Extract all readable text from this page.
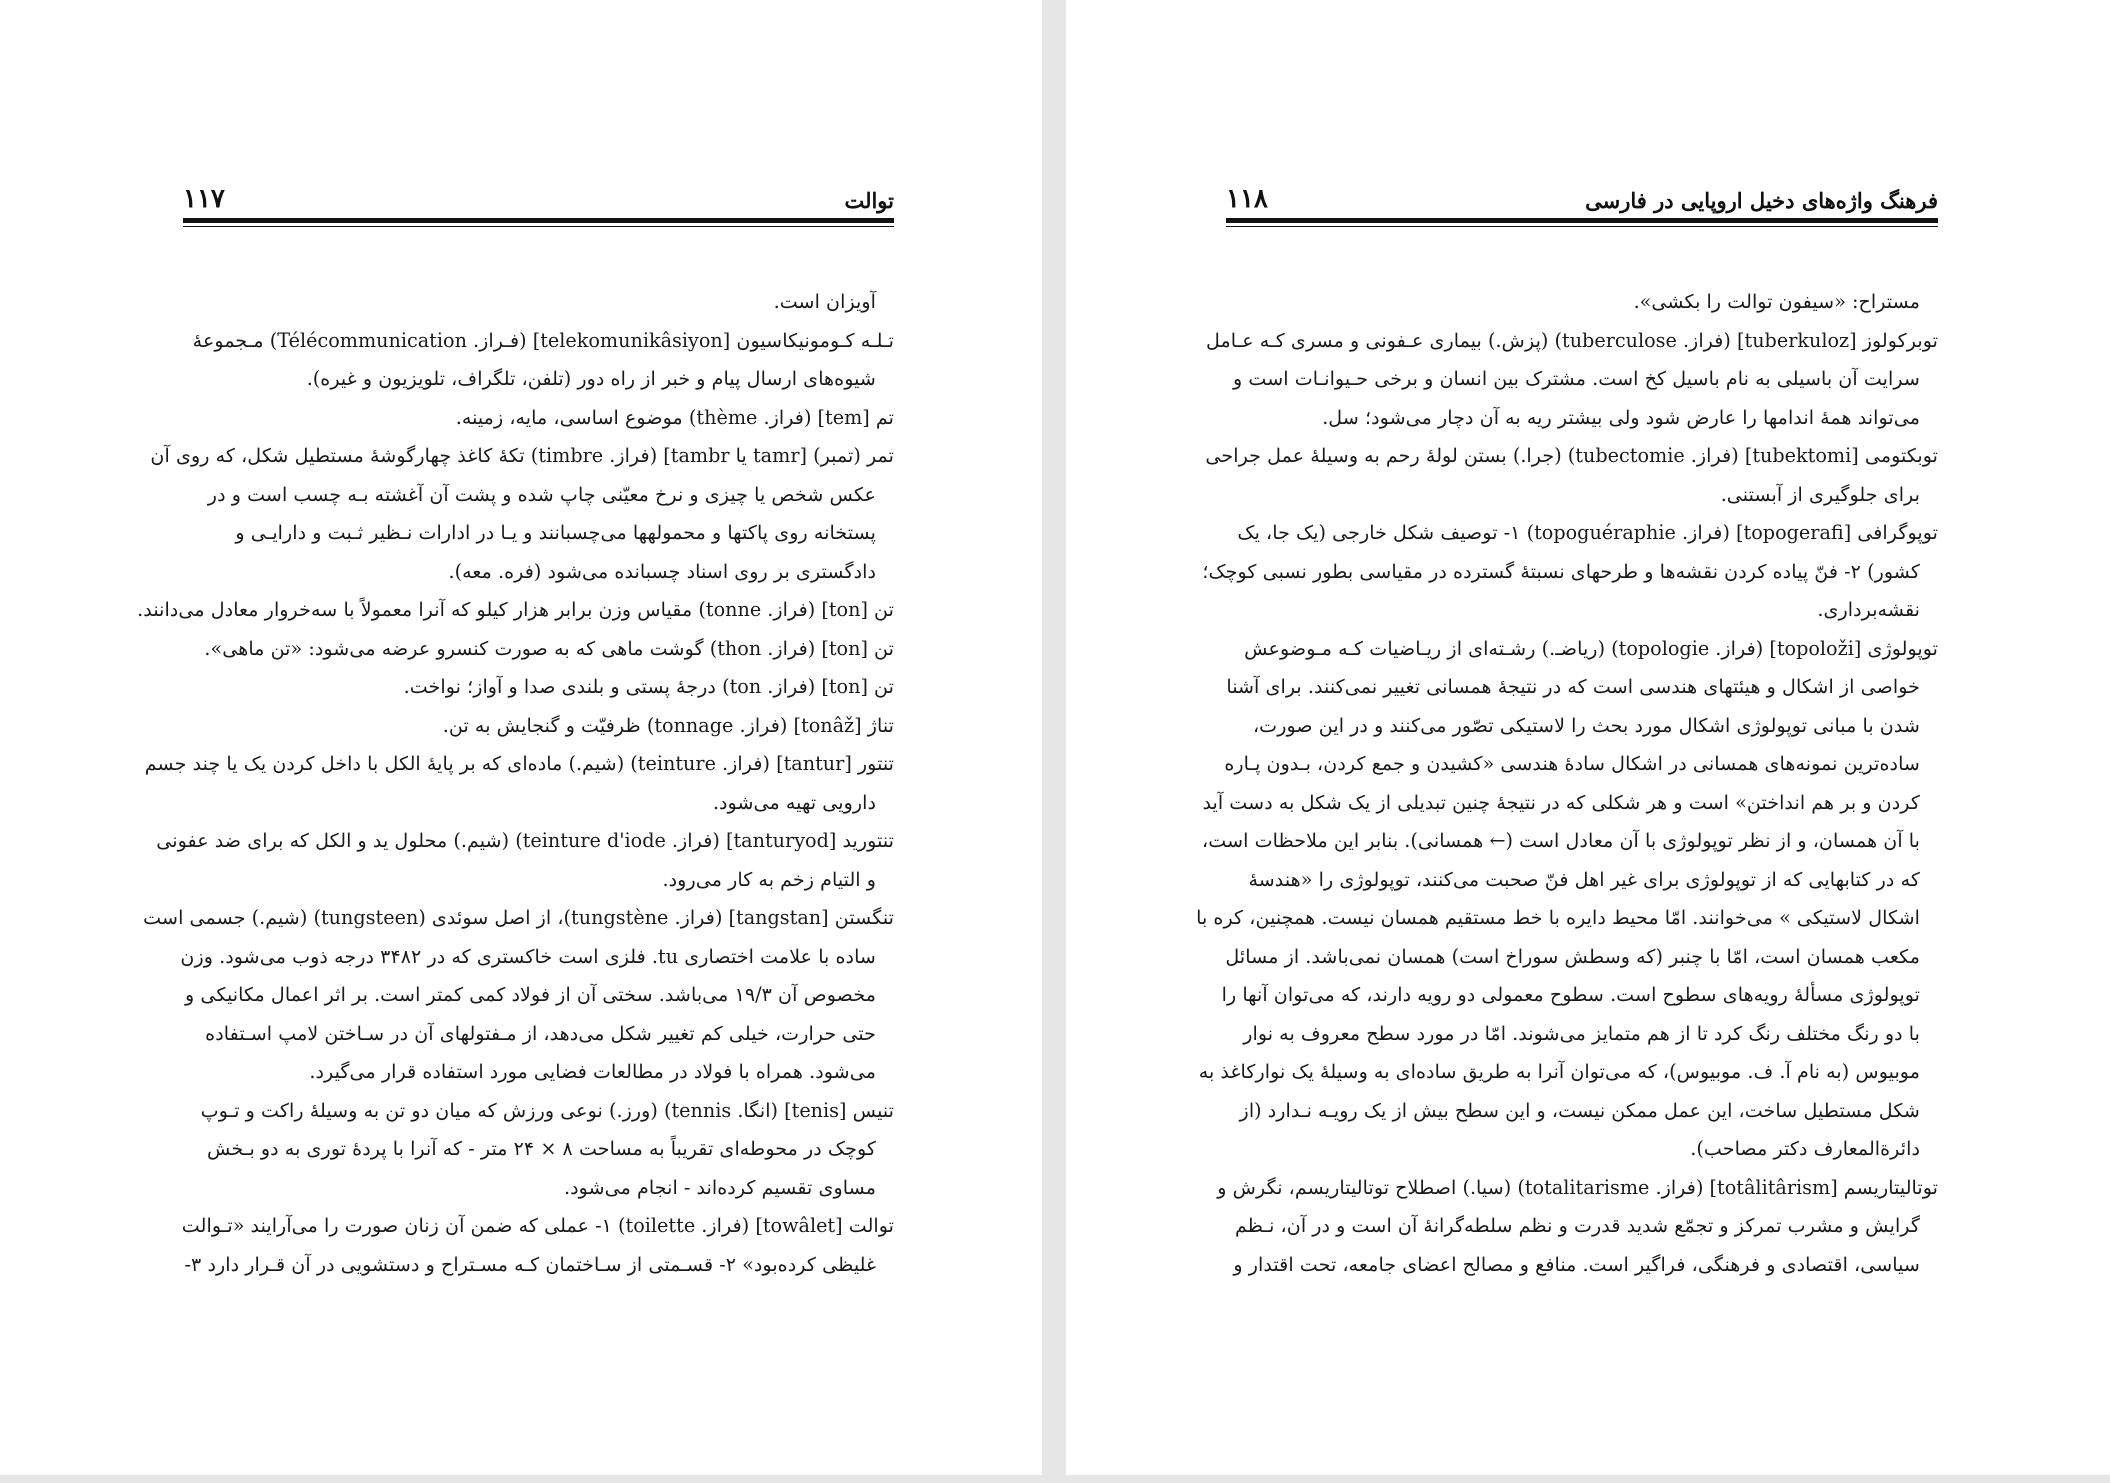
توالت
۱۱۷
آویزان است.
تـلـه کـومونیکاسیون [telekomunikâsiyon] (فـراز. Télécommunication) مـجموعهٔ
شیوه‌های ارسال پیام و خبر از راه دور (تلفن، تلگراف، تلویزیون و غیره).
تم [tem] (فراز. thème) موضوع اساسی، مایه، زمینه.
تمر (تمبر) [tamr یا tambr] (فراز. timbre) تکهٔ کاغذ چهارگوشهٔ مستطیل شکل، که روی آن
عکس شخص یا چیزی و نرخ معیّنی چاپ شده و پشت آن آغشته بـه چسب است و در
پستخانه روی پاکتها و محمولهها می‌چسبانند و یـا در ادارات نـظیر ثـبت و دارایـی و
دادگستری بر روی اسناد چسبانده می‌شود (فره. معه).
تن [ton] (فراز. tonne) مقیاس وزن برابر هزار کیلو که آنرا معمولاً با سه‌خروار معادل می‌دانند.
تن [ton] (فراز. thon) گوشت ماهی که به صورت کنسرو عرضه می‌شود: «تن ماهی».
تن [ton] (فراز. ton) درجهٔ پستی و بلندی صدا و آواز؛ نواخت.
تناژ [tonâž] (فراز. tonnage) ظرفیّت و گنجایش به تن.
تنتور [tantur] (فراز. teinture) (شیم.) ماده‌ای که بر پایهٔ الکل با داخل کردن یک یا چند جسم
دارویی تهیه می‌شود.
تنتورید [tanturyod] (فراز. teinture d'iode) (شیم.) محلول ید و الکل که برای ضد عفونی
و التیام زخم به کار می‌رود.
تنگستن [tangstan] (فراز. tungstène)، از اصل سوئدی (tungsteen) (شیم.) جسمی است
ساده با علامت اختصاری tu. فلزی است خاکستری که در ۳۴۸۲ درجه ذوب می‌شود. وزن
مخصوص آن ۱۹/۳ می‌باشد. سختی آن از فولاد کمی کمتر است. بر اثر اعمال مکانیکی و
حتی حرارت، خیلی کم تغییر شکل می‌دهد، از مـفتولهای آن در سـاختن لامپ اسـتفاده
می‌شود. همراه با فولاد در مطالعات فضایی مورد استفاده قرار می‌گیرد.
تنیس [tenis] (انگا. tennis) (ورز.) نوعی ورزش که میان دو تن به وسیلهٔ راکت و تـوپ
کوچک در محوطه‌ای تقریباً به مساحت ۸ × ۲۴ متر - که آنرا با پردهٔ توری به دو بـخش
مساوی تقسیم کرده‌اند - انجام می‌شود.
توالت [towâlet] (فراز. toilette) ۱- عملی که ضمن آن زنان صورت را می‌آرایند «تـوالت
غلیظی کرده‌بود» ۲- قسـمتی از سـاختمان کـه مسـتراح و دستشویی در آن قـرار دارد ۳-
فرهنگ واژه‌های دخیل اروپایی در فارسی
۱۱۸
مستراح: «سیفون توالت را بکشی».
توبرکولوز [tuberkuloz] (فراز. tuberculose) (پزش.) بیماری عـفونی و مسری کـه عـامل
سرایت آن باسیلی به نام باسیل کخ است. مشترک بین انسان و برخی حـیوانـات است و
می‌تواند همهٔ اندامها را عارض شود ولی بیشتر ریه به آن دچار می‌شود؛ سل.
توبکتومی [tubektomi] (فراز. tubectomie) (جرا.) بستن لولهٔ رحم به وسیلهٔ عمل جراحی
برای جلوگیری از آبستنی.
توپوگرافی [topogerafi] (فراز. topoguéraphie) ۱- توصیف شکل خارجی (یک جا، یک
کشور) ۲- فنّ پیاده کردن نقشه‌ها و طرحهای نسبتهٔ گسترده در مقیاسی بطور نسبی کوچک؛
نقشه‌برداری.
توپولوژی [topoloži] (فراز. topologie) (ریاضـ.) رشـته‌ای از ریـاضیات کـه مـوضوعش
خواصی از اشکال و هیئتهای هندسی است که در نتیجهٔ همسانی تغییر نمی‌کنند. برای آشنا
شدن با مبانی توپولوژی اشکال مورد بحث را لاستیکی تصّور می‌کنند و در این صورت،
ساده‌ترین نمونه‌های همسانی در اشکال سادهٔ هندسی «کشیدن و جمع کردن، بـدون پـاره
کردن و بر هم انداختن» است و هر شکلی که در نتیجهٔ چنین تبدیلی از یک شکل به دست آید
با آن همسان، و از نظر توپولوژی با آن معادل است (← همسانی). بنابر این ملاحظات است،
که در کتابهایی که از توپولوژی برای غیر اهل فنّ صحبت می‌کنند، توپولوژی را «هندسهٔ
اشکال لاستیکی » می‌خوانند. امّا محیط دایره با خط مستقیم همسان نیست. همچنین، کره با
مکعب همسان است، امّا با چنبر (که وسطش سوراخ است) همسان نمی‌باشد. از مسائل
توپولوژی مسألهٔ رویه‌های سطوح است. سطوح معمولی دو رویه دارند، که می‌توان آنها را
با دو رنگ مختلف رنگ کرد تا از هم متمایز می‌شوند. امّا در مورد سطح معروف به نوار
موبیوس (به نام آ. ف. موبیوس)، که می‌توان آنرا به طریق ساده‌ای به وسیلهٔ یک نوارکاغذ به
شکل مستطیل ساخت، این عمل ممکن نیست، و این سطح بیش از یک رویـه نـدارد (از
دائرةالمعارف دکتر مصاحب).
توتالیتاریسم [totâlitârism] (فراز. totalitarisme) (سیا.) اصطلاح توتالیتاریسم، نگرش و
گرایش و مشرب تمرکز و تجمّع شدید قدرت و نظم سلطه‌گرانهٔ آن است و در آن، نـظم
سیاسی، اقتصادی و فرهنگی، فراگیر است. منافع و مصالح اعضای جامعه، تحت اقتدار و
